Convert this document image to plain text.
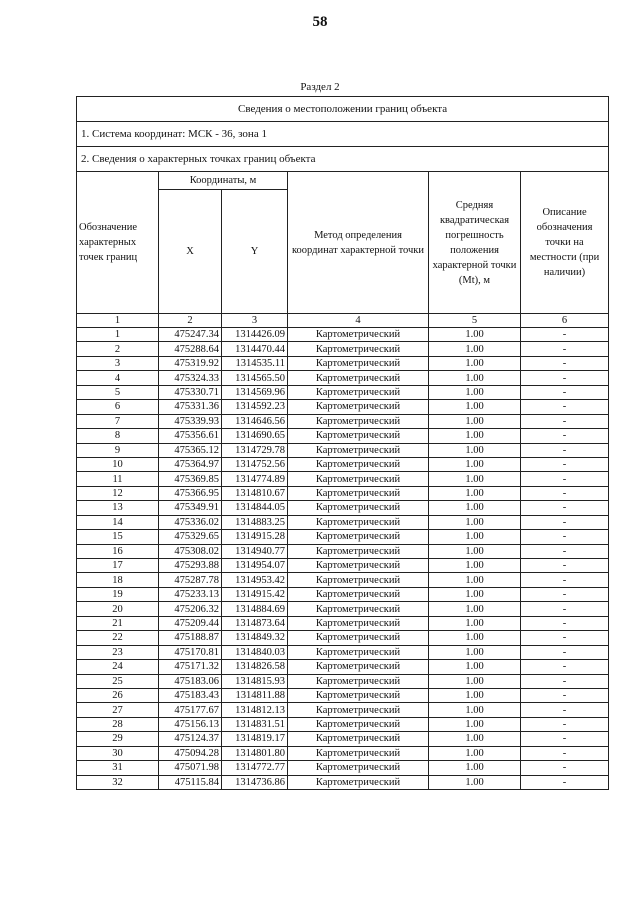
58
Раздел 2
Сведения о местоположении границ объекта					
1. Система координат: МСК - 36, зона 1					
2. Сведения о характерных точках границ объекта					
Обозначение характерных точек границ	Координаты, м		Метод определения координат характерной точки	Средняя квадратическая погрешность положения характерной точки (Mt), м	Описание обозначения точки на местности (при наличии)
	X	Y			
1	2	3	4	5	6
1	475247.34	1314426.09	Картометрический	1.00	-
2	475288.64	1314470.44	Картометрический	1.00	-
3	475319.92	1314535.11	Картометрический	1.00	-
4	475324.33	1314565.50	Картометрический	1.00	-
5	475330.71	1314569.96	Картометрический	1.00	-
6	475331.36	1314592.23	Картометрический	1.00	-
7	475339.93	1314646.56	Картометрический	1.00	-
8	475356.61	1314690.65	Картометрический	1.00	-
9	475365.12	1314729.78	Картометрический	1.00	-
10	475364.97	1314752.56	Картометрический	1.00	-
11	475369.85	1314774.89	Картометрический	1.00	-
12	475366.95	1314810.67	Картометрический	1.00	-
13	475349.91	1314844.05	Картометрический	1.00	-
14	475336.02	1314883.25	Картометрический	1.00	-
15	475329.65	1314915.28	Картометрический	1.00	-
16	475308.02	1314940.77	Картометрический	1.00	-
17	475293.88	1314954.07	Картометрический	1.00	-
18	475287.78	1314953.42	Картометрический	1.00	-
19	475233.13	1314915.42	Картометрический	1.00	-
20	475206.32	1314884.69	Картометрический	1.00	-
21	475209.44	1314873.64	Картометрический	1.00	-
22	475188.87	1314849.32	Картометрический	1.00	-
23	475170.81	1314840.03	Картометрический	1.00	-
24	475171.32	1314826.58	Картометрический	1.00	-
25	475183.06	1314815.93	Картометрический	1.00	-
26	475183.43	1314811.88	Картометрический	1.00	-
27	475177.67	1314812.13	Картометрический	1.00	-
28	475156.13	1314831.51	Картометрический	1.00	-
29	475124.37	1314819.17	Картометрический	1.00	-
30	475094.28	1314801.80	Картометрический	1.00	-
31	475071.98	1314772.77	Картометрический	1.00	-
32	475115.84	1314736.86	Картометрический	1.00	-
